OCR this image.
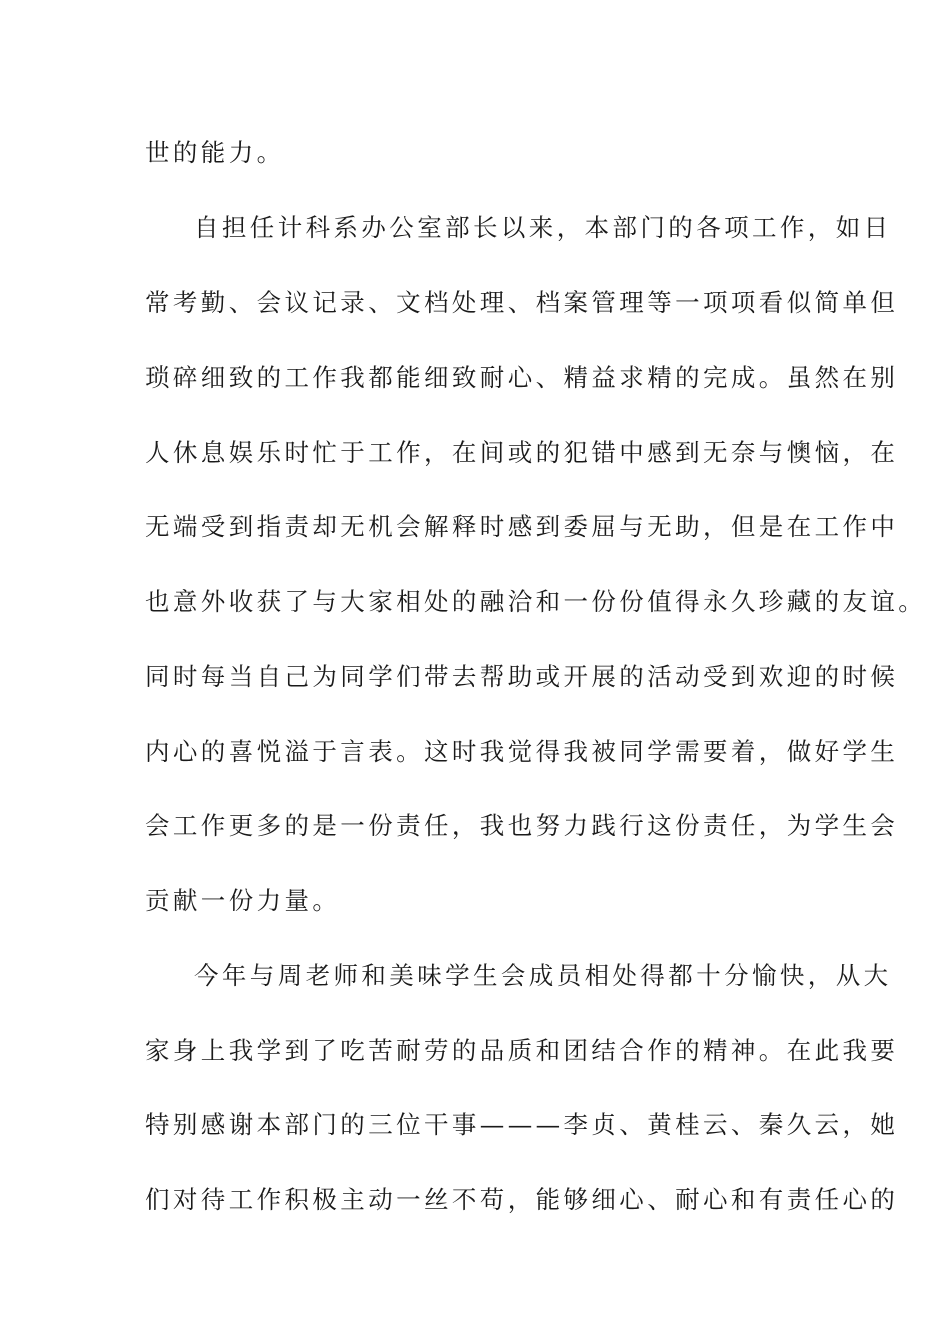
世的能力。
自担任计科系办公室部长以来，本部门的各项工作，如日
常考勤、会议记录、文档处理、档案管理等一项项看似简单但
琐碎细致的工作我都能细致耐心、精益求精的完成。虽然在别
人休息娱乐时忙于工作，在间或的犯错中感到无奈与懊恼，在
无端受到指责却无机会解释时感到委屈与无助，但是在工作中
也意外收获了与大家相处的融洽和一份份值得永久珍藏的友谊。
同时每当自己为同学们带去帮助或开展的活动受到欢迎的时候
内心的喜悦溢于言表。这时我觉得我被同学需要着，做好学生
会工作更多的是一份责任，我也努力践行这份责任，为学生会
贡献一份力量。
今年与周老师和美味学生会成员相处得都十分愉快，从大
家身上我学到了吃苦耐劳的品质和团结合作的精神。在此我要
特别感谢本部门的三位干事———李贞、黄桂云、秦久云，她
们对待工作积极主动一丝不苟，能够细心、耐心和有责任心的
